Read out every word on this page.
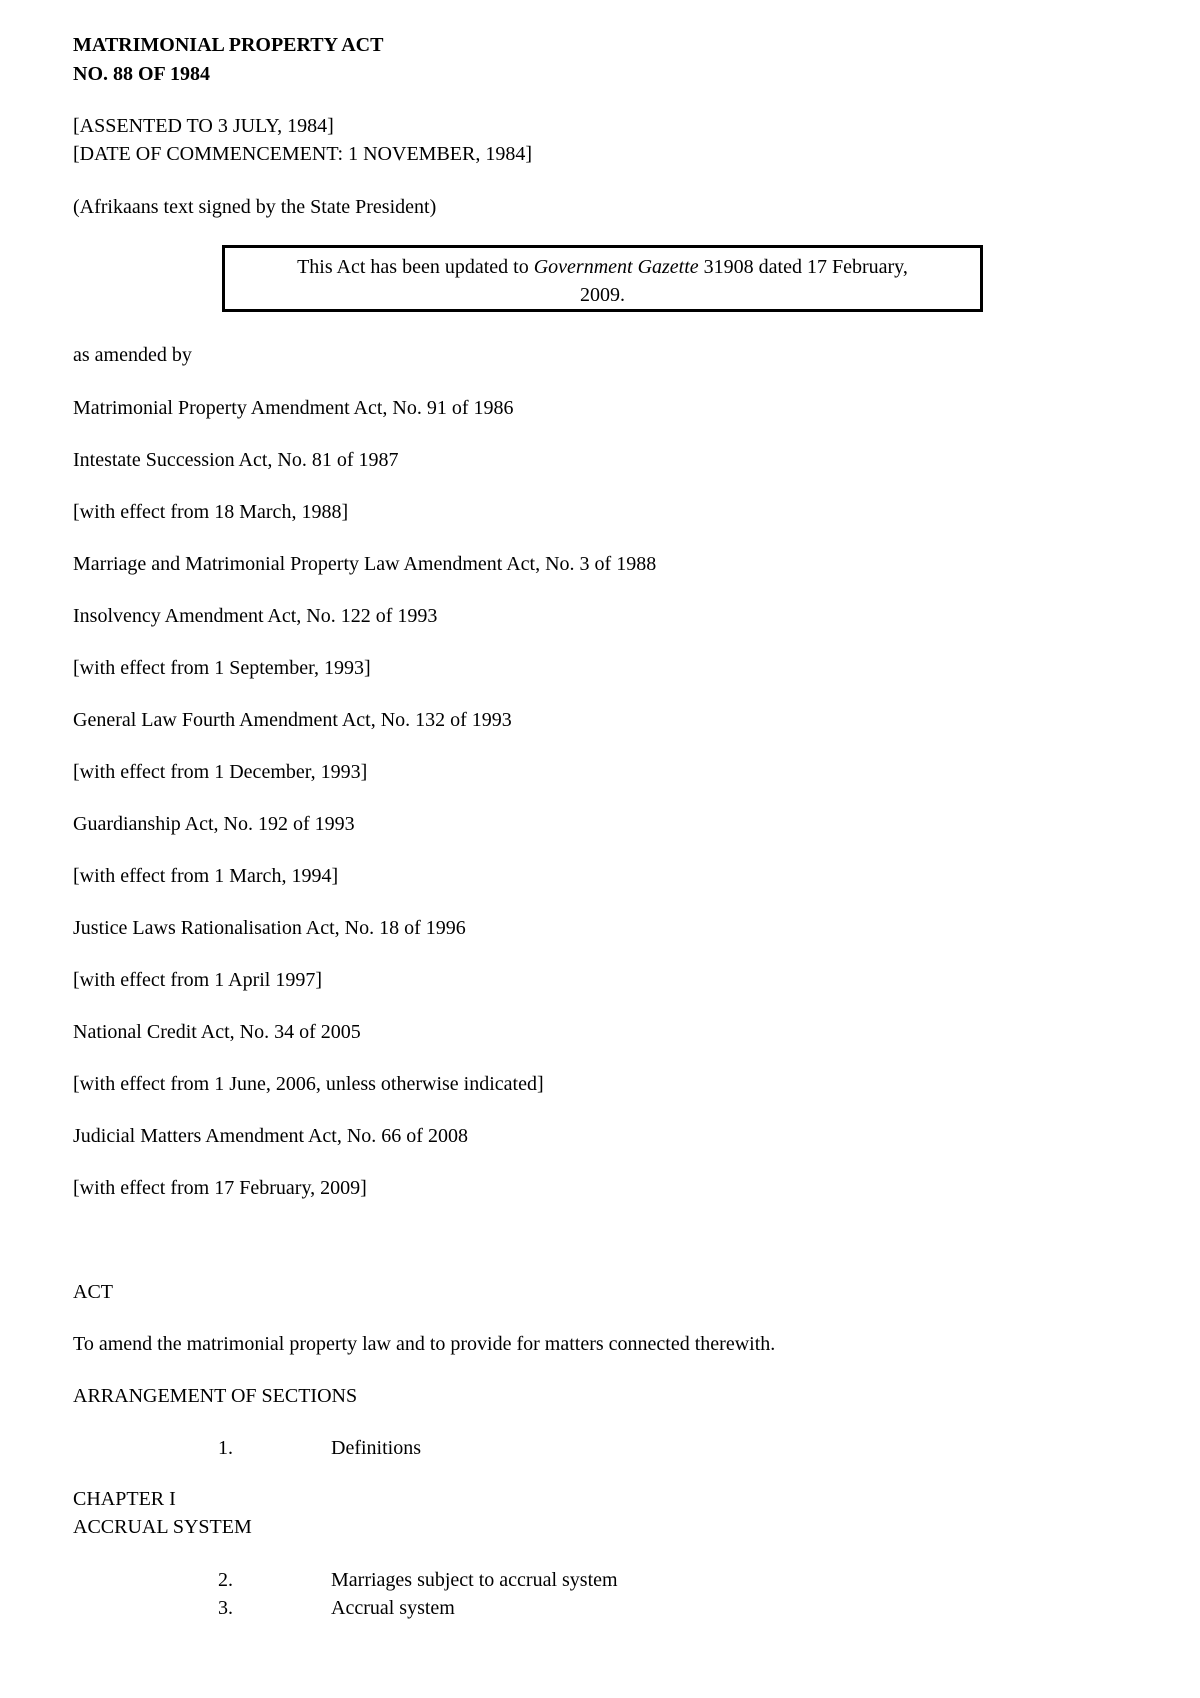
MATRIMONIAL PROPERTY ACT
NO. 88 OF 1984
[ASSENTED TO 3 JULY, 1984]
[DATE OF COMMENCEMENT: 1 NOVEMBER, 1984]
(Afrikaans text signed by the State President)
This Act has been updated to Government Gazette 31908 dated 17 February,
2009.
as amended by
Matrimonial Property Amendment Act, No. 91 of 1986
Intestate Succession Act, No. 81 of 1987
[with effect from 18 March, 1988]
Marriage and Matrimonial Property Law Amendment Act, No. 3 of 1988
Insolvency Amendment Act, No. 122 of 1993
[with effect from 1 September, 1993]
General Law Fourth Amendment Act, No. 132 of 1993
[with effect from 1 December, 1993]
Guardianship Act, No. 192 of 1993
[with effect from 1 March, 1994]
Justice Laws Rationalisation Act, No. 18 of 1996
[with effect from 1 April 1997]
National Credit Act, No. 34 of 2005
[with effect from 1 June, 2006, unless otherwise indicated]
Judicial Matters Amendment Act, No. 66 of 2008
[with effect from 17 February, 2009]
ACT
To amend the matrimonial property law and to provide for matters connected therewith.
ARRANGEMENT OF SECTIONS
1.	Definitions
CHAPTER I
ACCRUAL SYSTEM
2.	Marriages subject to accrual system
3.	Accrual system
